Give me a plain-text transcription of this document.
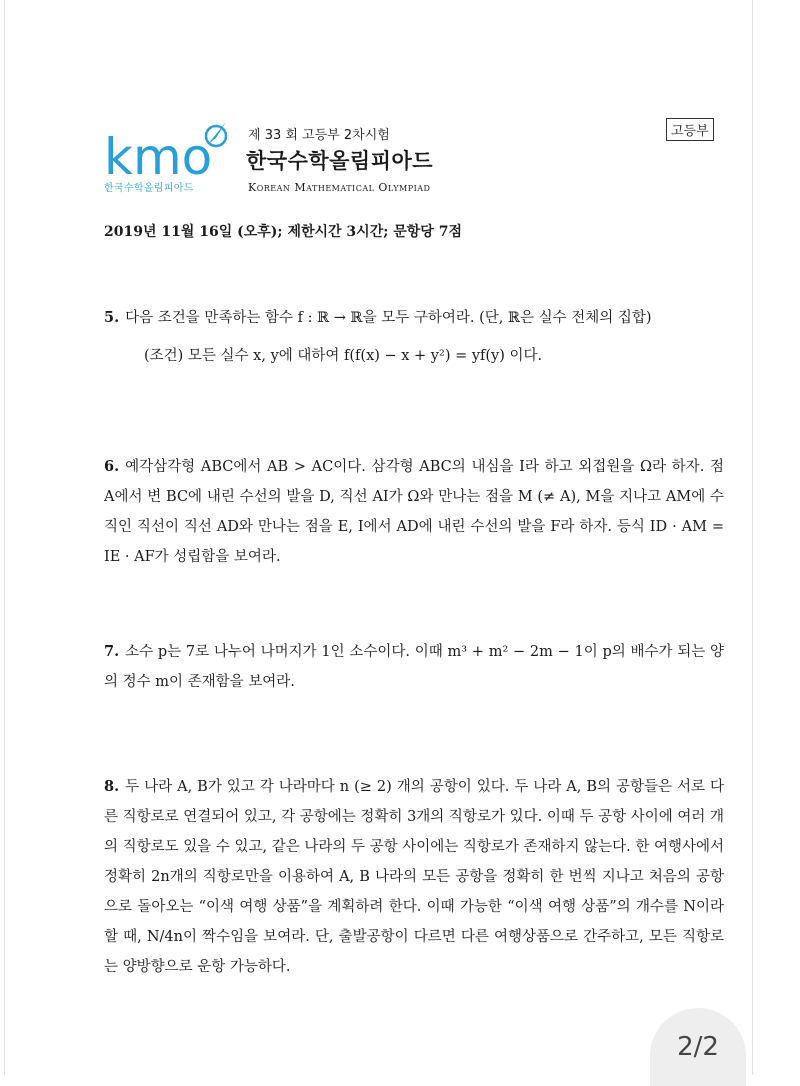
kmo
한국수학올림피아드
제 33 회 고등부 2차시험
한국수학올림피아드
Korean Mathematical Olympiad
고등부
2019년 11월 16일 (오후); 제한시간 3시간; 문항당 7점
5. 다음 조건을 만족하는 함수 f : ℝ → ℝ을 모두 구하여라. (단, ℝ은 실수 전체의 집합)
(조건) 모든 실수 x, y에 대하여 f(f(x) − x + y²) = yf(y) 이다.
6. 예각삼각형 ABC에서 AB > AC이다. 삼각형 ABC의 내심을 I라 하고 외접원을 Ω라 하자. 점 A에서 변 BC에 내린 수선의 발을 D, 직선 AI가 Ω와 만나는 점을 M (≠ A), M을 지나고 AM에 수직인 직선이 직선 AD와 만나는 점을 E, I에서 AD에 내린 수선의 발을 F라 하자. 등식 ID · AM = IE · AF가 성립함을 보여라.
7. 소수 p는 7로 나누어 나머지가 1인 소수이다. 이때 m³ + m² − 2m − 1이 p의 배수가 되는 양의 정수 m이 존재함을 보여라.
8. 두 나라 A, B가 있고 각 나라마다 n (≥ 2) 개의 공항이 있다. 두 나라 A, B의 공항들은 서로 다른 직항로로 연결되어 있고, 각 공항에는 정확히 3개의 직항로가 있다. 이때 두 공항 사이에 여러 개의 직항로도 있을 수 있고, 같은 나라의 두 공항 사이에는 직항로가 존재하지 않는다. 한 여행사에서 정확히 2n개의 직항로만을 이용하여 A, B 나라의 모든 공항을 정확히 한 번씩 지나고 처음의 공항으로 돌아오는 “이색 여행 상품”을 계획하려 한다. 이때 가능한 “이색 여행 상품”의 개수를 N이라 할 때, N/4n이 짝수임을 보여라. 단, 출발공항이 다르면 다른 여행상품으로 간주하고, 모든 직항로는 양방향으로 운항 가능하다.
2/2
